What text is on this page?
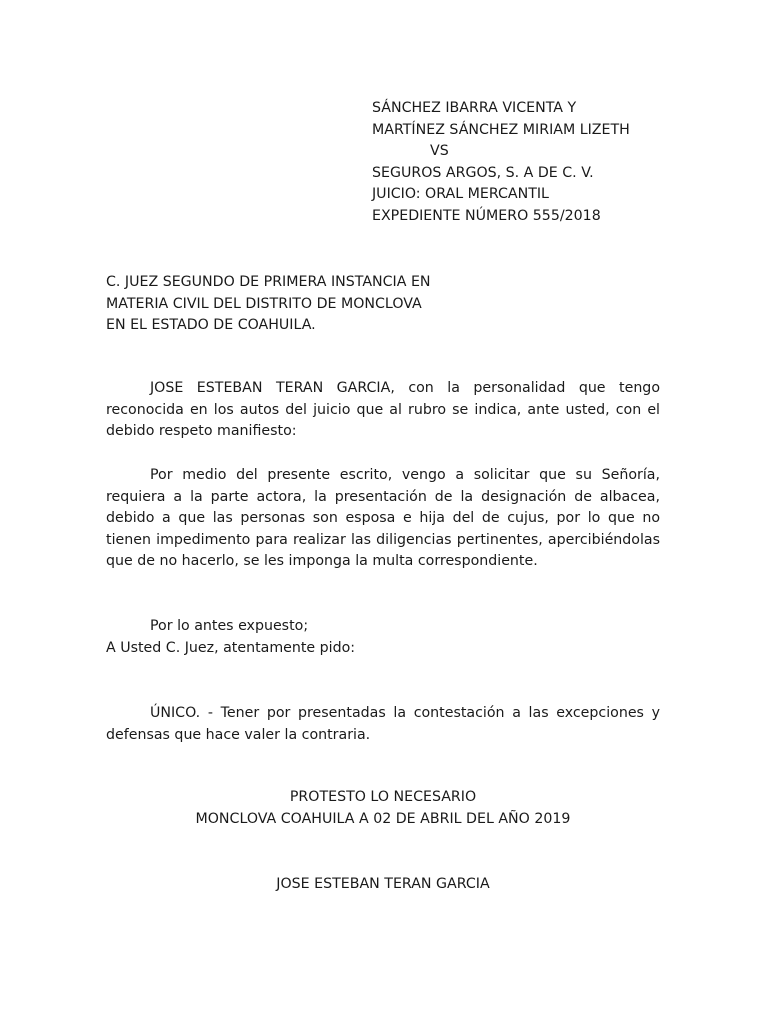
SÁNCHEZ IBARRA VICENTA Y
MARTÍNEZ SÁNCHEZ MIRIAM LIZETH
VS
SEGUROS ARGOS, S. A DE C. V.
JUICIO: ORAL MERCANTIL
EXPEDIENTE NÚMERO 555/2018
C. JUEZ SEGUNDO DE PRIMERA INSTANCIA EN
MATERIA CIVIL DEL DISTRITO DE MONCLOVA
EN EL ESTADO DE COAHUILA.
JOSE ESTEBAN TERAN GARCIA, con la personalidad que tengo reconocida en los autos del juicio que al rubro se indica, ante usted, con el debido respeto manifiesto:
Por medio del presente escrito, vengo a solicitar que su Señoría, requiera a la parte actora, la presentación de la designación de albacea, debido a que las personas son esposa e hija del de cujus, por lo que no tienen impedimento para realizar las diligencias pertinentes, apercibiéndolas que de no hacerlo, se les imponga la multa correspondiente.
Por lo antes expuesto;
A Usted C. Juez, atentamente pido:
ÚNICO. - Tener por presentadas la contestación a las excepciones y defensas que hace valer la contraria.
PROTESTO LO NECESARIO
MONCLOVA COAHUILA A 02 DE ABRIL DEL AÑO 2019
JOSE ESTEBAN TERAN GARCIA
